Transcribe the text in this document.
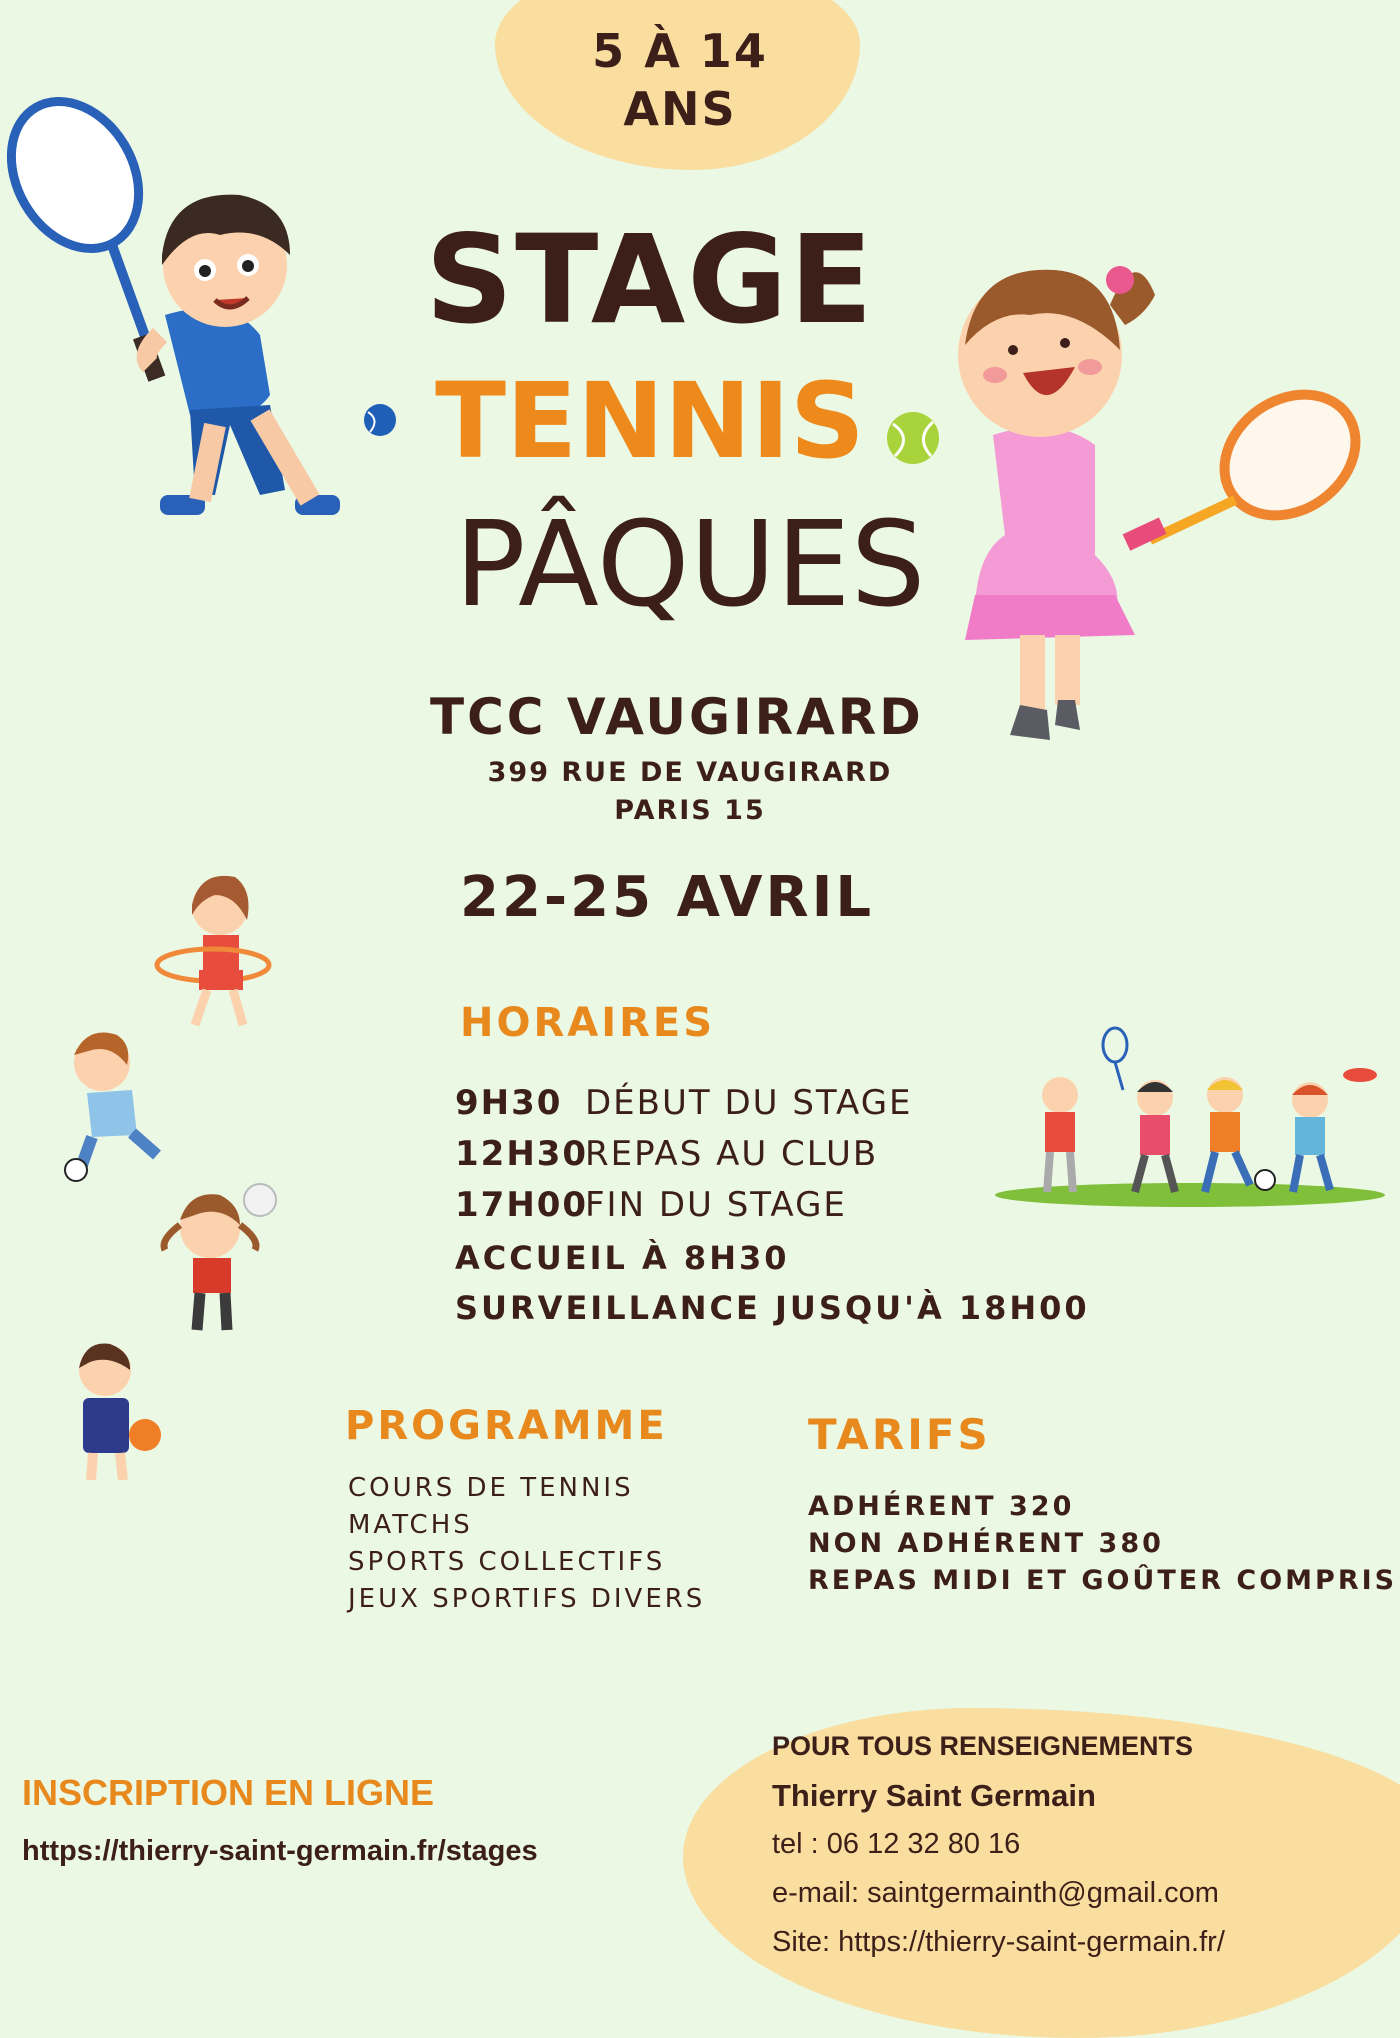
5 À 14
ANS
STAGE
TENNIS
PÂQUES
TCC VAUGIRARD
399 RUE DE VAUGIRARD
PARIS 15
22-25 AVRIL
HORAIRES
9H30 DÉBUT DU STAGE
12H30REPAS AU CLUB
17H00FIN DU STAGE
ACCUEIL À 8H30
SURVEILLANCE JUSQU'À 18H00
PROGRAMME
COURS DE TENNIS
MATCHS
SPORTS COLLECTIFS
JEUX SPORTIFS DIVERS
TARIFS
ADHÉRENT 320
NON ADHÉRENT 380
REPAS MIDI ET GOÛTER COMPRIS
INSCRIPTION EN LIGNE
https://thierry-saint-germain.fr/stages
POUR TOUS RENSEIGNEMENTS
Thierry Saint Germain
tel : 06 12 32 80 16
e-mail: saintgermainth@gmail.com
Site: https://thierry-saint-germain.fr/
